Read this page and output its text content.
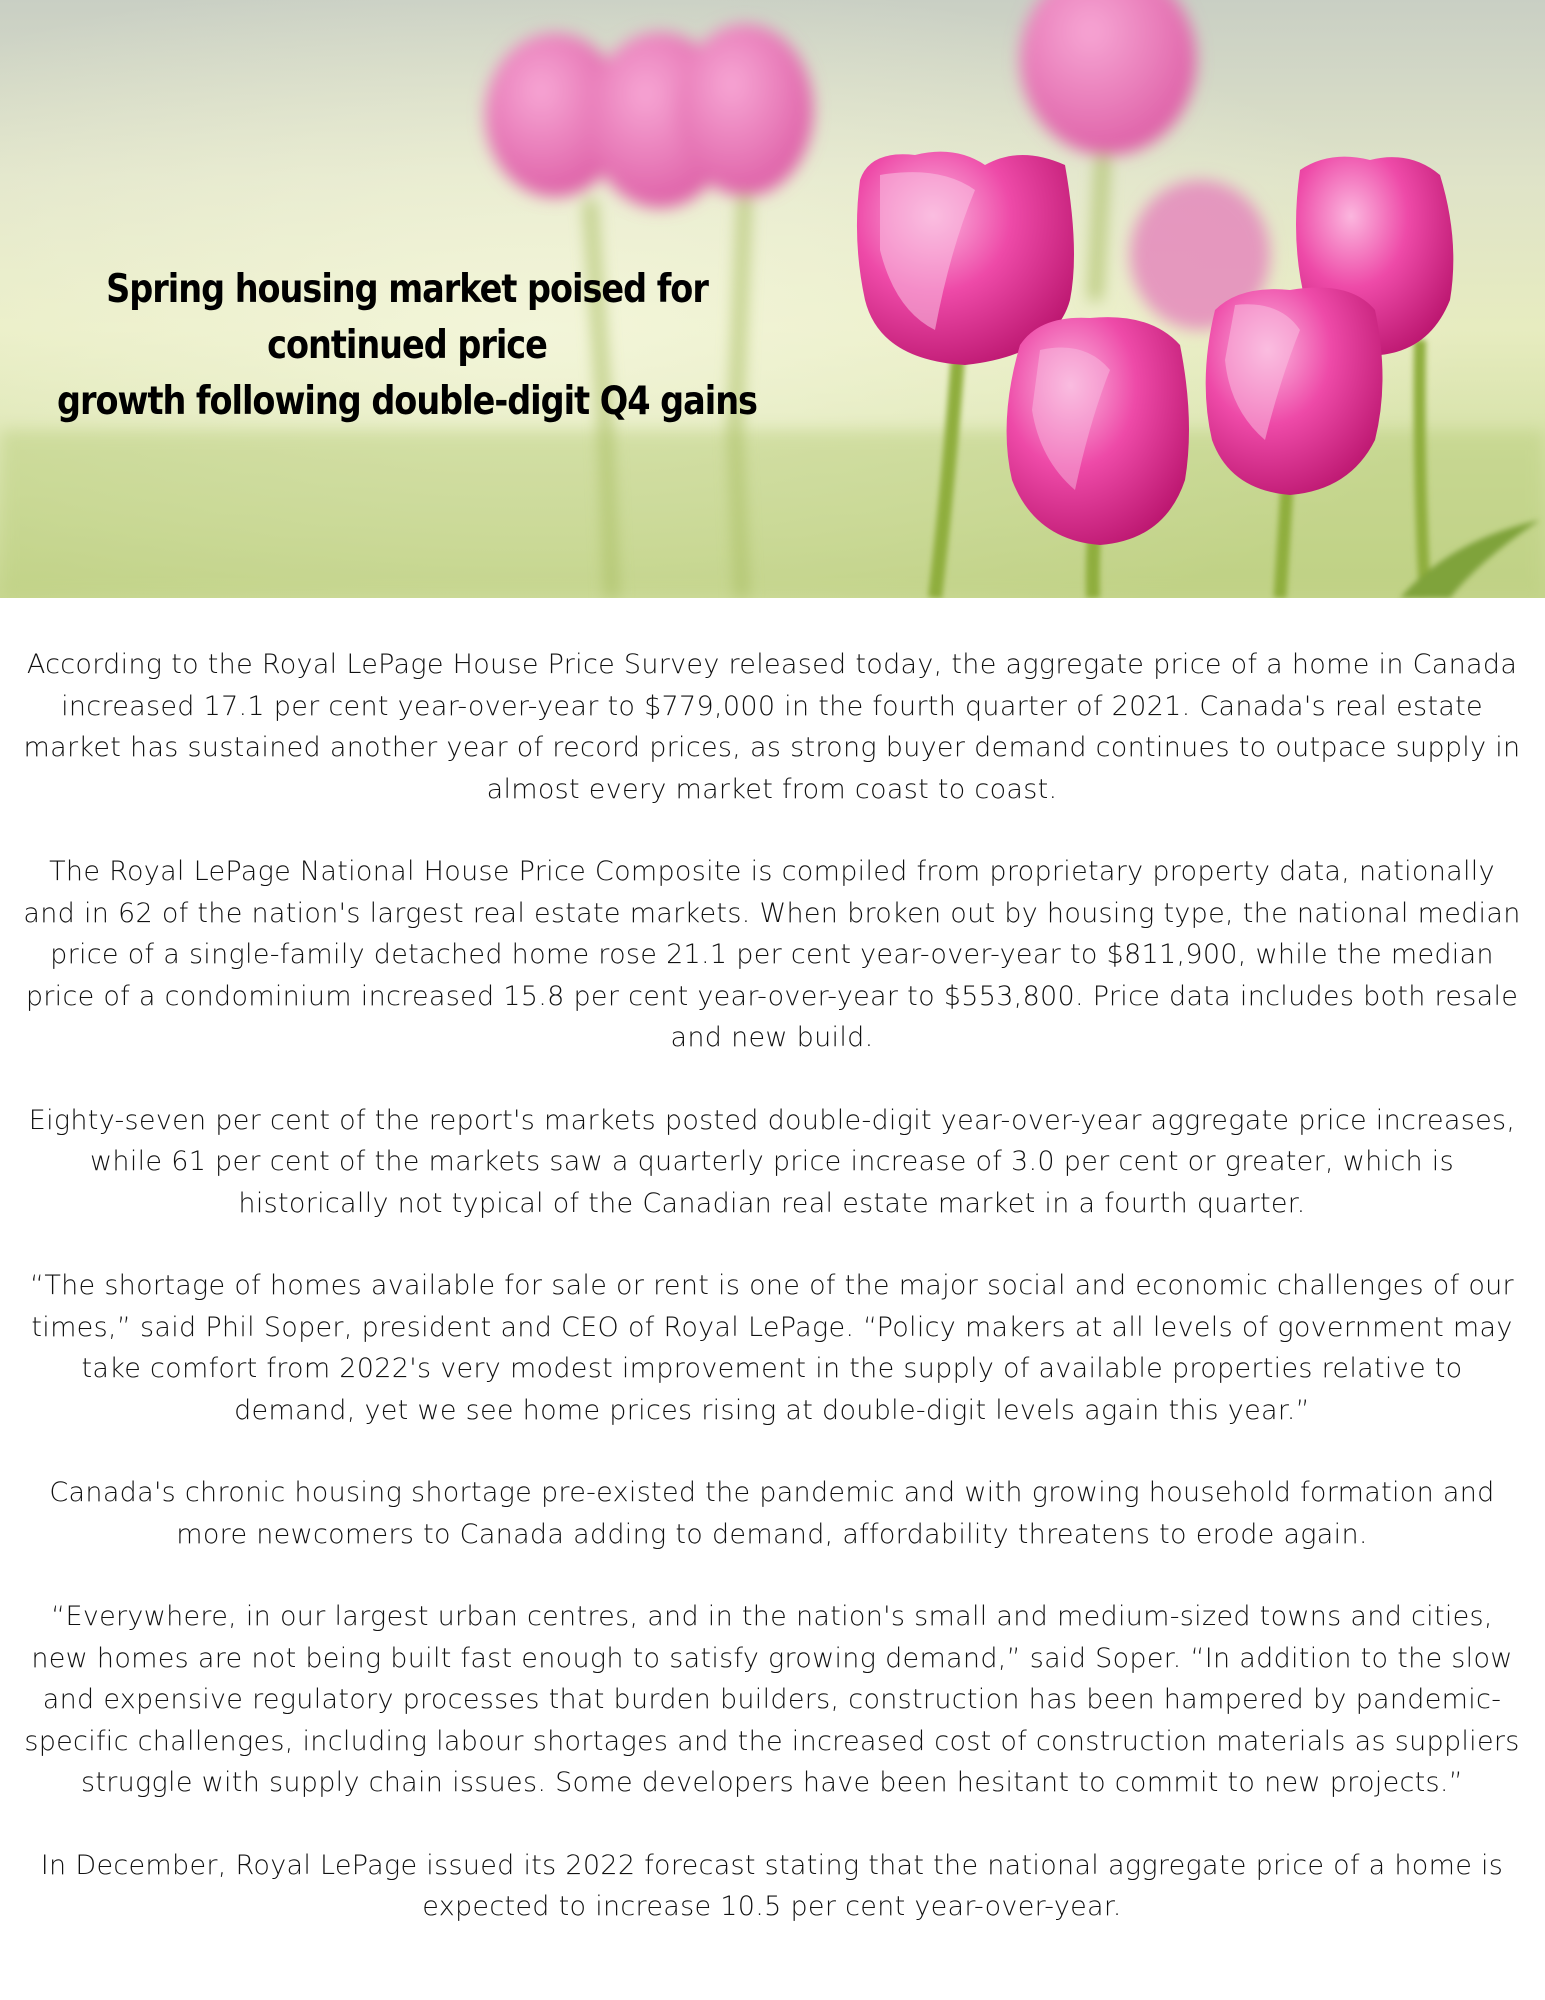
Spring housing market poised for continued price
growth following double-digit Q4 gains

According to the Royal LePage House Price Survey released today, the aggregate price of a home in Canada increased 17.1 per cent year-over-year to $779,000 in the fourth quarter of 2021. Canada's real estate market has sustained another year of record prices, as strong buyer demand continues to outpace supply in almost every market from coast to coast.

The Royal LePage National House Price Composite is compiled from proprietary property data, nationally and in 62 of the nation's largest real estate markets. When broken out by housing type, the national median price of a single-family detached home rose 21.1 per cent year-over-year to $811,900, while the median price of a condominium increased 15.8 per cent year-over-year to $553,800. Price data includes both resale and new build.

Eighty-seven per cent of the report's markets posted double-digit year-over-year aggregate price increases, while 61 per cent of the markets saw a quarterly price increase of 3.0 per cent or greater, which is historically not typical of the Canadian real estate market in a fourth quarter.

“The shortage of homes available for sale or rent is one of the major social and economic challenges of our times,” said Phil Soper, president and CEO of Royal LePage. “Policy makers at all levels of government may take comfort from 2022's very modest improvement in the supply of available properties relative to demand, yet we see home prices rising at double-digit levels again this year.”

Canada's chronic housing shortage pre-existed the pandemic and with growing household formation and more newcomers to Canada adding to demand, affordability threatens to erode again.

“Everywhere, in our largest urban centres, and in the nation's small and medium-sized towns and cities, new homes are not being built fast enough to satisfy growing demand,” said Soper. “In addition to the slow and expensive regulatory processes that burden builders, construction has been hampered by pandemic-specific challenges, including labour shortages and the increased cost of construction materials as suppliers struggle with supply chain issues. Some developers have been hesitant to commit to new projects.”

In December, Royal LePage issued its 2022 forecast stating that the national aggregate price of a home is expected to increase 10.5 per cent year-over-year.
